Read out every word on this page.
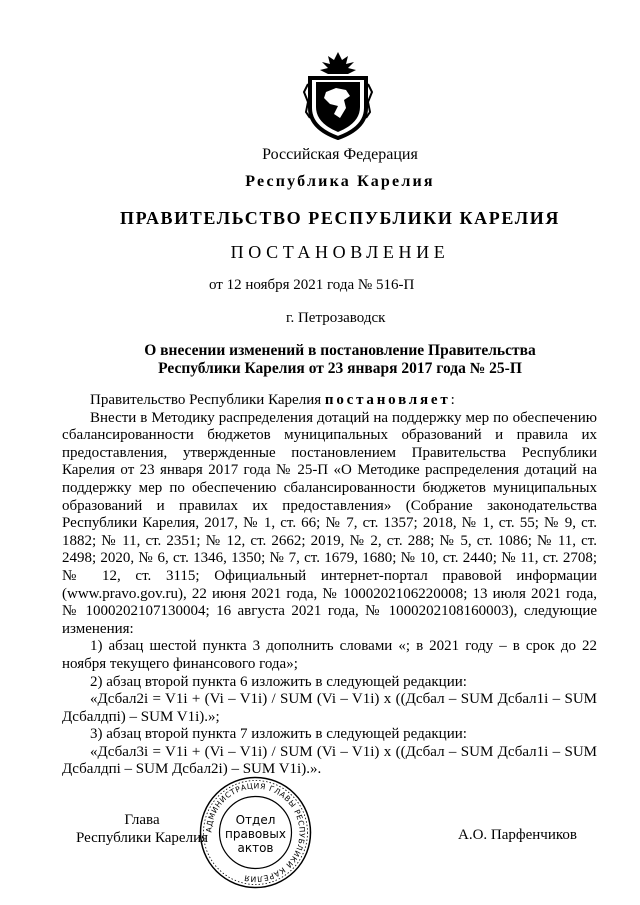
Российская Федерация
Республика Карелия
ПРАВИТЕЛЬСТВО РЕСПУБЛИКИ КАРЕЛИЯ
ПОСТАНОВЛЕНИЕ
от 12 ноября 2021 года № 516-П
г. Петрозаводск
О внесении изменений в постановление Правительства
Республики Карелия от 23 января 2017 года № 25-П

Правительство Республики Карелия постановляет:

Внести в Методику распределения дотаций на поддержку мер по обеспечению сбалансированности бюджетов муниципальных образований и правила их предоставления, утвержденные постановлением Правительства Республики Карелия от 23 января 2017 года № 25-П «О Методике распределения дотаций на поддержку мер по обеспечению сбалансированности бюджетов муниципальных образований и правилах их предоставления» (Собрание законодательства Республики Карелия, 2017, № 1, ст. 66; № 7, ст. 1357; 2018, № 1, ст. 55; № 9, ст. 1882; № 11, ст. 2351; № 12, ст. 2662; 2019, № 2, ст. 288; № 5, ст. 1086; № 11, ст. 2498; 2020, № 6, ст. 1346, 1350; № 7, ст. 1679, 1680; № 10, ст. 2440; № 11, ст. 2708; № 12, ст. 3115; Официальный интернет-портал правовой информации (www.pravo.gov.ru), 22 июня 2021 года, № 1000202106220008; 13 июля 2021 года, № 1000202107130004; 16 августа 2021 года, № 1000202108160003), следующие изменения:

1) абзац шестой пункта 3 дополнить словами «; в 2021 году – в срок до 22 ноября текущего финансового года»;

2) абзац второй пункта 6 изложить в следующей редакции:

«Дсбал2i = V1i + (Vi – V1i) / SUM (Vi – V1i) х ((Дсбал – SUM Дсбал1i – SUM Дсбалдпi) – SUM V1i).»;

3) абзац второй пункта 7 изложить в следующей редакции:

«Дсбал3i = V1i + (Vi – V1i) / SUM (Vi – V1i) х ((Дсбал – SUM Дсбал1i – SUM Дсбалдпi – SUM Дсбал2i) – SUM V1i).».

Глава
Республики Карелия	А.О. Парфенчиков
АДМИНИСТРАЦИЯ ГЛАВЫ РЕСПУБЛИКИ КАРЕЛИЯ
Отдел
правовых
актов
